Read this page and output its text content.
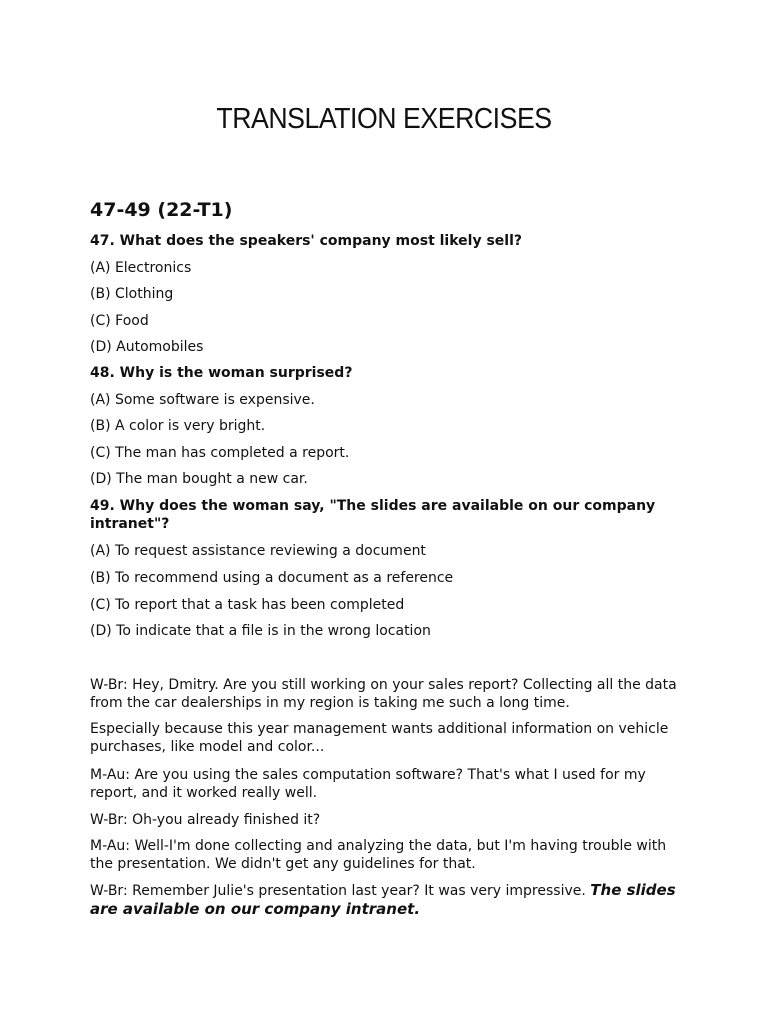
TRANSLATION EXERCISES
47-49 (22-T1)

47. What does the speakers' company most likely sell?

(A) Electronics

(B) Clothing

(C) Food

(D) Automobiles

48. Why is the woman surprised?

(A) Some software is expensive.

(B) A color is very bright.

(C) The man has completed a report.

(D) The man bought a new car.

49. Why does the woman say, "The slides are available on our company

intranet"?

(A) To request assistance reviewing a document

(B) To recommend using a document as a reference

(C) To report that a task has been completed

(D) To indicate that a file is in the wrong location

W-Br: Hey, Dmitry. Are you still working on your sales report? Collecting all the data from the car dealerships in my region is taking me such a long time.

Especially because this year management wants additional information on vehicle purchases, like model and color...

M-Au: Are you using the sales computation software? That's what I used for my report, and it worked really well.

W-Br: Oh-you already finished it?

M-Au: Well-I'm done collecting and analyzing the data, but I'm having trouble with the presentation. We didn't get any guidelines for that.

W-Br: Remember Julie's presentation last year? It was very impressive. The slides are available on our company intranet.
